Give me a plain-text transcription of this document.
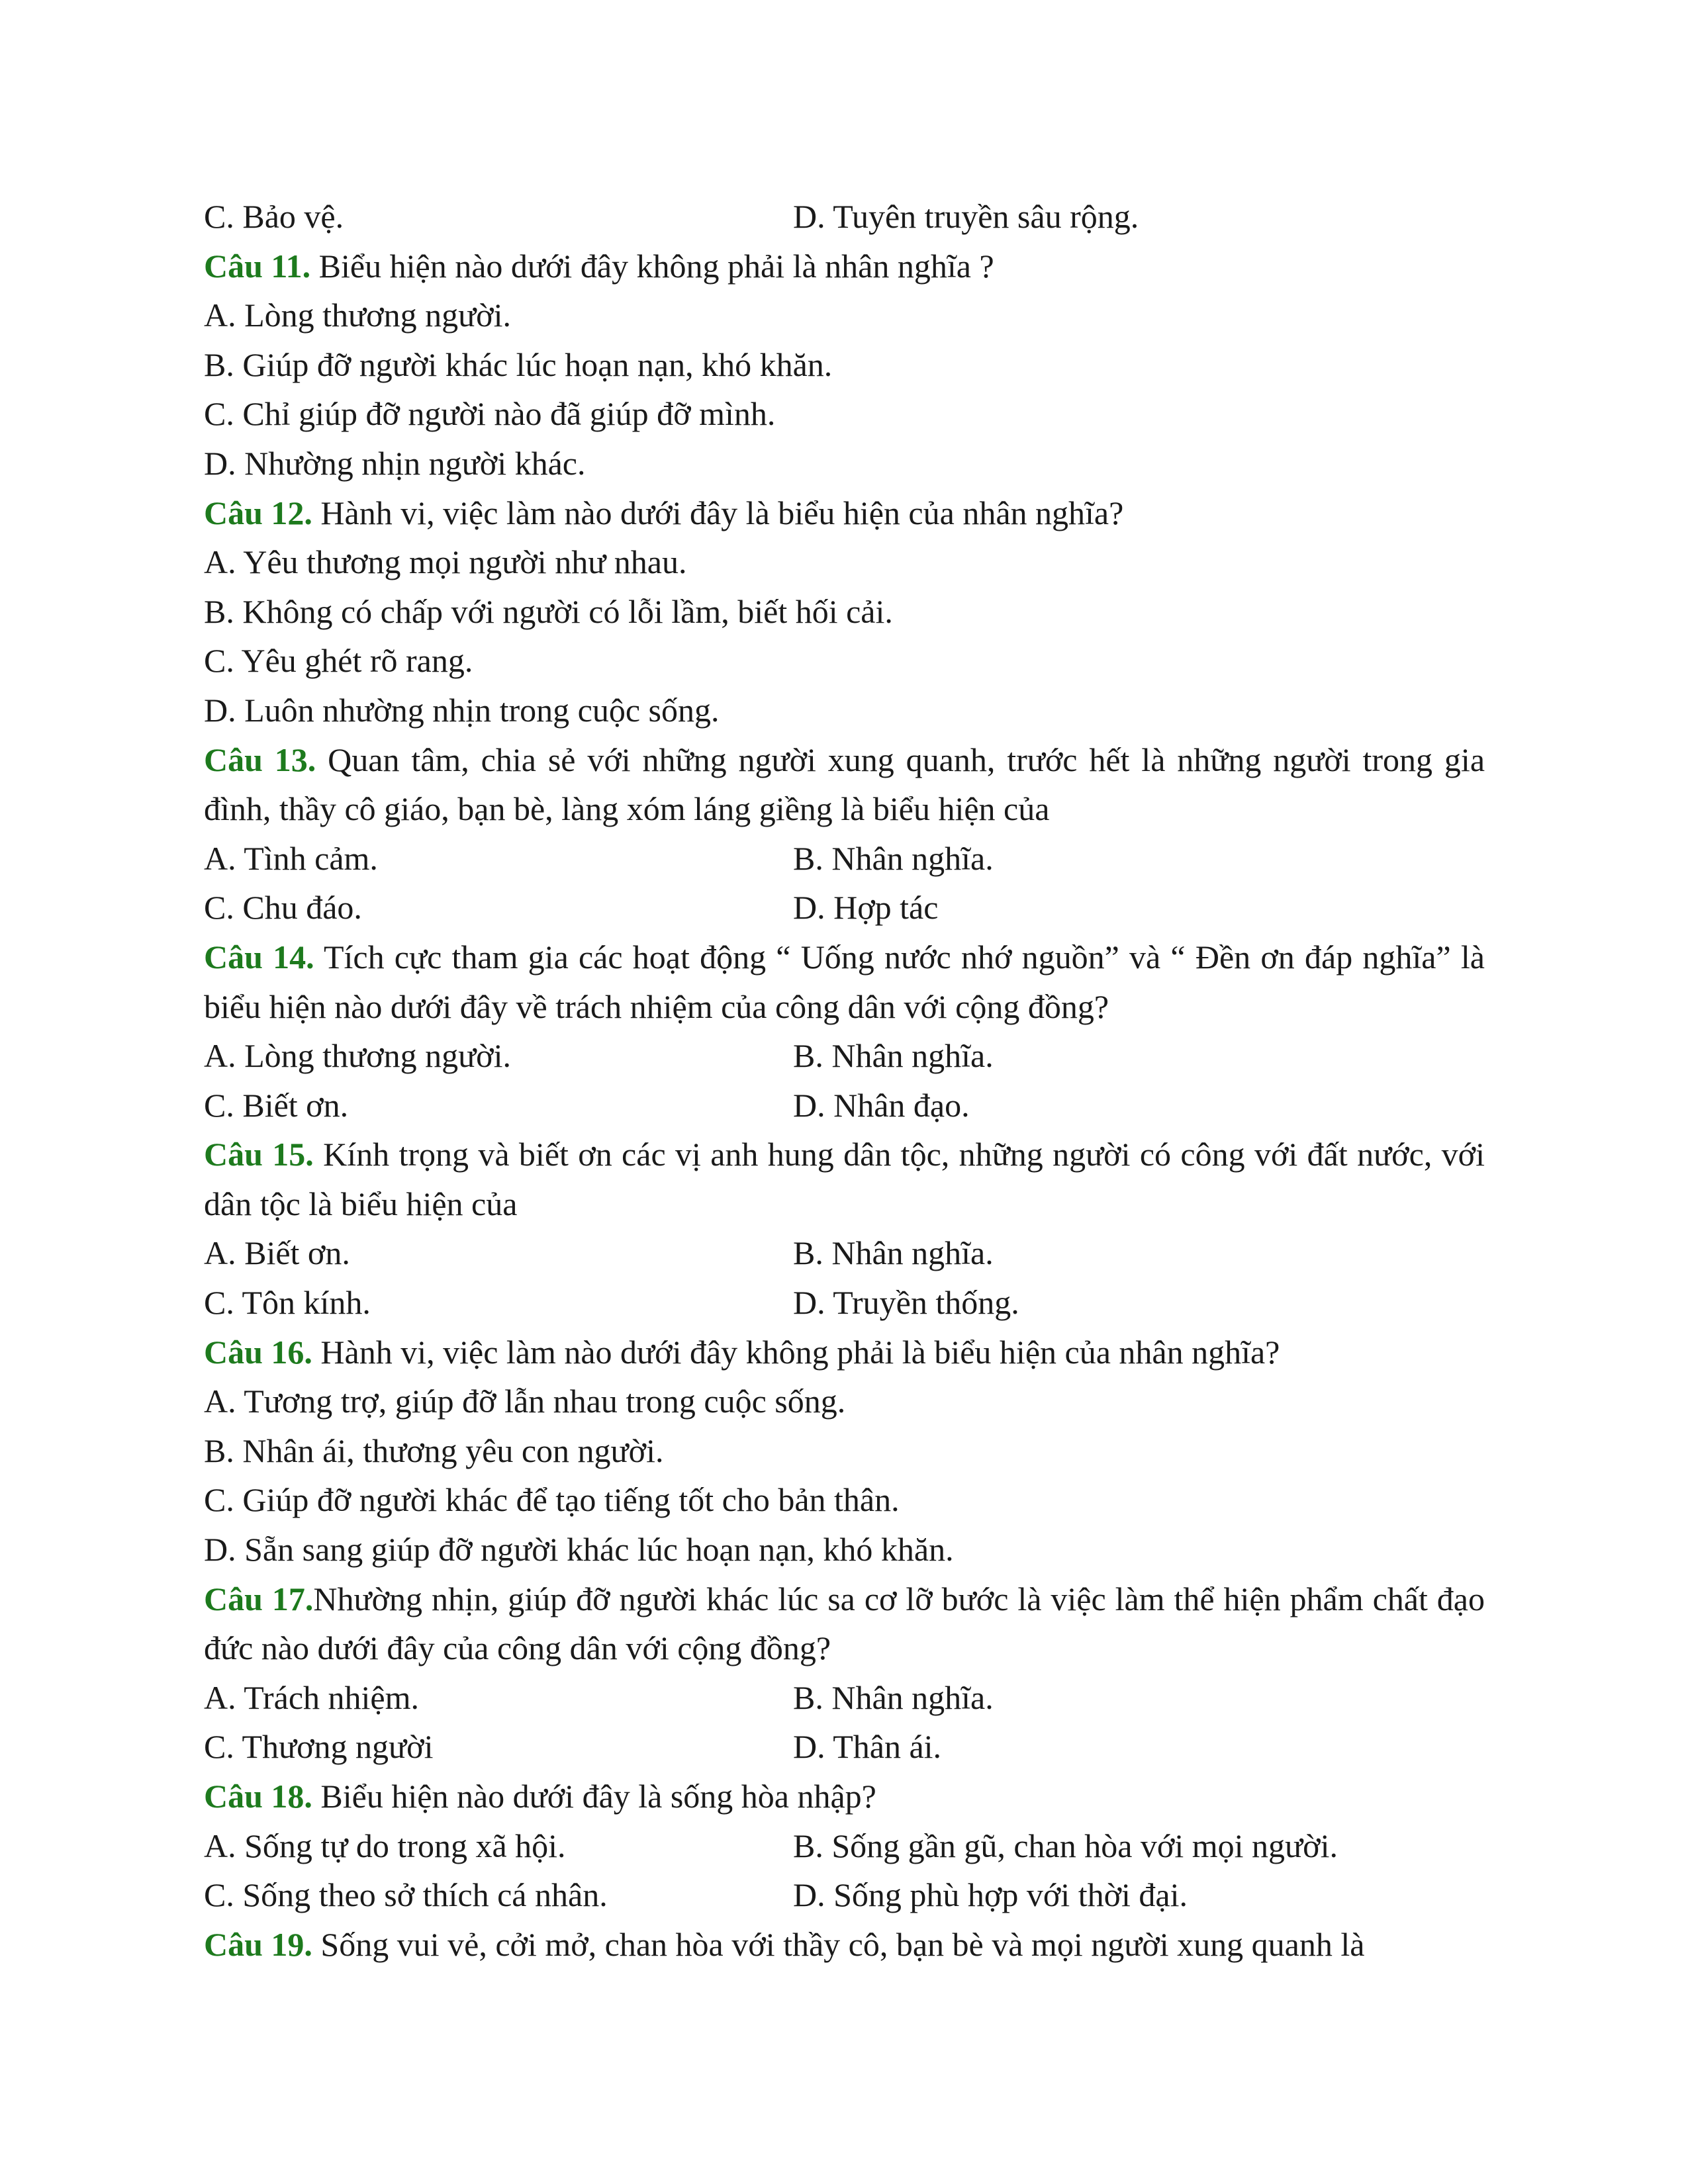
C. Bảo vệ.	D. Tuyên truyền sâu rộng.
Câu 11. Biểu hiện nào dưới đây không phải là nhân nghĩa ?
A. Lòng thương người.
B. Giúp đỡ người khác lúc hoạn nạn, khó khăn.
C. Chỉ giúp đỡ người nào đã giúp đỡ mình.
D. Nhường nhịn người khác.
Câu 12. Hành vi, việc làm nào dưới đây là biểu hiện của nhân nghĩa?
A. Yêu thương mọi người như nhau.
B. Không có chấp với người có lỗi lầm, biết hối cải.
C. Yêu ghét rõ rang.
D. Luôn nhường nhịn trong cuộc sống.
Câu 13. Quan tâm, chia sẻ với những người xung quanh, trước hết là những người trong gia đình, thầy cô giáo, bạn bè, làng xóm láng giềng là biểu hiện của
A. Tình cảm.	B. Nhân nghĩa.
C. Chu đáo.	D. Hợp tác
Câu 14. Tích cực tham gia các hoạt động “ Uống nước nhớ nguồn” và “ Đền ơn đáp nghĩa” là biểu hiện nào dưới đây về trách nhiệm của công dân với cộng đồng?
A. Lòng thương người.	B. Nhân nghĩa.
C. Biết ơn.	D. Nhân đạo.
Câu 15. Kính trọng và biết ơn các vị anh hung dân tộc, những người có công với đất nước, với dân tộc là biểu hiện của
A. Biết ơn.	B. Nhân nghĩa.
C. Tôn kính.	D. Truyền thống.
Câu 16. Hành vi, việc làm nào dưới đây không phải là biểu hiện của nhân nghĩa?
A. Tương trợ, giúp đỡ lẫn nhau trong cuộc sống.
B. Nhân ái, thương yêu con người.
C. Giúp đỡ người khác để tạo tiếng tốt cho bản thân.
D. Sẵn sang giúp đỡ người khác lúc hoạn nạn, khó khăn.
Câu 17.Nhường nhịn, giúp đỡ người khác lúc sa cơ lỡ bước là việc làm thể hiện phẩm chất đạo đức nào dưới đây của công dân với cộng đồng?
A. Trách nhiệm.	B. Nhân nghĩa.
C. Thương người	D. Thân ái.
Câu 18. Biểu hiện nào dưới đây là sống hòa nhập?
A. Sống tự do trong xã hội.	B. Sống gần gũ, chan hòa với mọi người.
C. Sống theo sở thích cá nhân.	D. Sống phù hợp với thời đại.
Câu 19. Sống vui vẻ, cởi mở, chan hòa với thầy cô, bạn bè và mọi người xung quanh là
